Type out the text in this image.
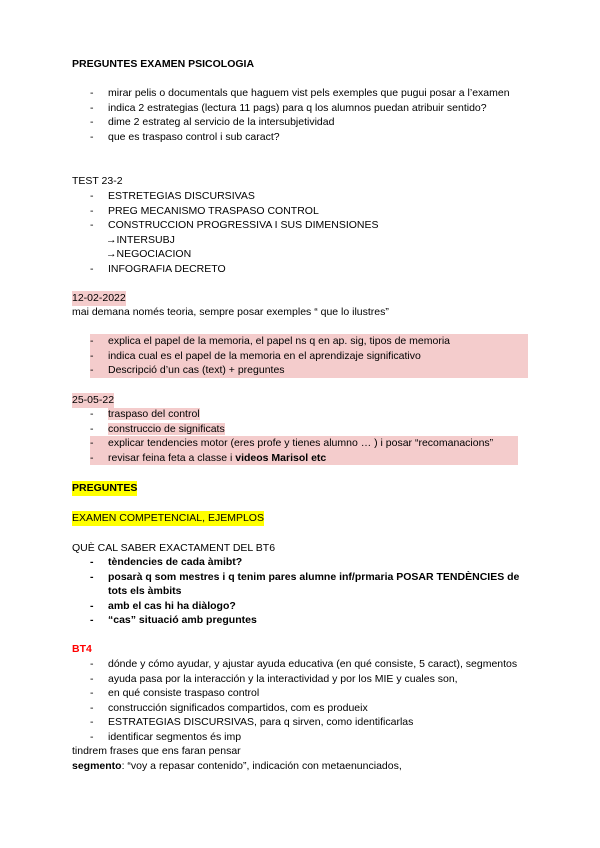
PREGUNTES EXAMEN PSICOLOGIA
- mirar pelis o documentals que haguem vist pels exemples que pugui posar a l’examen
- indica 2 estrategias (lectura 11 pags) para q los alumnos puedan atribuir sentido?
- dime 2 estrateg al servicio de la intersubjetividad
- que es traspaso control i sub caract?
TEST 23-2
- ESTRETEGIAS DISCURSIVAS
- PREG MECANISMO TRASPASO CONTROL
- CONSTRUCCION PROGRESSIVA I SUS DIMENSIONES
→INTERSUBJ
→NEGOCIACION
- INFOGRAFIA DECRETO
12-02-2022
mai demana només teoria, sempre posar exemples “ que lo ilustres”
- explica el papel de la memoria, el papel ns q en ap. sig, tipos de memoria
- indica cual es el papel de la memoria en el aprendizaje significativo
- Descripció d’un cas (text) + preguntes
25-05-22
- traspaso del control
- construccio de significats
- explicar tendencies motor (eres profe y tienes alumno … ) i posar “recomanacions”
- revisar feina feta a classe i videos Marisol etc
PREGUNTES
EXAMEN COMPETENCIAL, EJEMPLOS
QUÈ CAL SABER EXACTAMENT DEL BT6
- tèndencies de cada àmibt?
- posarà q som mestres i q tenim pares alumne inf/prmaria POSAR TENDÈNCIES de tots els àmbits
- amb el cas hi ha diàlogo?
- “cas” situació amb preguntes
BT4
- dónde y cómo ayudar, y ajustar ayuda educativa (en qué consiste, 5 caract), segmentos
- ayuda pasa por la interacción y la interactividad y por los MIE y cuales son,
- en qué consiste traspaso control
- construcción significados compartidos, com es produeix
- ESTRATEGIAS DISCURSIVAS, para q sirven, como identificarlas
- identificar segmentos és imp
tindrem frases que ens faran pensar
segmento: “voy a repasar contenido”, indicación con metaenunciados,
